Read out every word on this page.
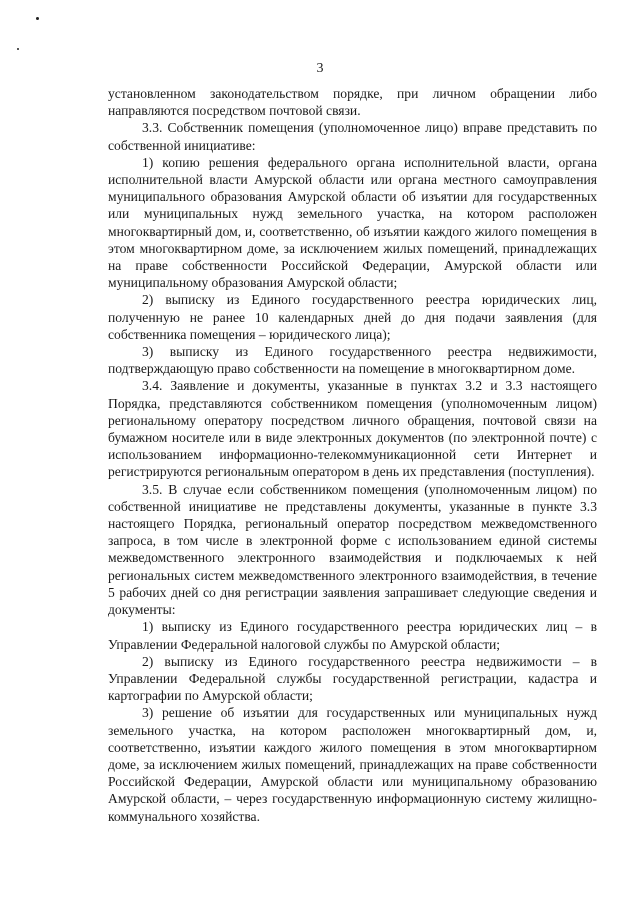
3

установленном законодательством порядке, при личном обращении либо направляются посредством почтовой связи.

3.3. Собственник помещения (уполномоченное лицо) вправе представить по собственной инициативе:

1) копию решения федерального органа исполнительной власти, органа исполнительной власти Амурской области или органа местного самоуправления муниципального образования Амурской области об изъятии для государственных или муниципальных нужд земельного участка, на котором расположен многоквартирный дом, и, соответственно, об изъятии каждого жилого помещения в этом многоквартирном доме, за исключением жилых помещений, принадлежащих на праве собственности Российской Федерации, Амурской области или муниципальному образования Амурской области;

2) выписку из Единого государственного реестра юридических лиц, полученную не ранее 10 календарных дней до дня подачи заявления (для собственника помещения – юридического лица);

3) выписку из Единого государственного реестра недвижимости, подтверждающую право собственности на помещение в многоквартирном доме.

3.4. Заявление и документы, указанные в пунктах 3.2 и 3.3 настоящего Порядка, представляются собственником помещения (уполномоченным лицом) региональному оператору посредством личного обращения, почтовой связи на бумажном носителе или в виде электронных документов (по электронной почте) с использованием информационно-телекоммуникационной сети Интернет и регистрируются региональным оператором в день их представления (поступления).

3.5. В случае если собственником помещения (уполномоченным лицом) по собственной инициативе не представлены документы, указанные в пункте 3.3 настоящего Порядка, региональный оператор посредством межведомственного запроса, в том числе в электронной форме с использованием единой системы межведомственного электронного взаимодействия и подключаемых к ней региональных систем межведомственного электронного взаимодействия, в течение 5 рабочих дней со дня регистрации заявления запрашивает следующие сведения и документы:

1) выписку из Единого государственного реестра юридических лиц – в Управлении Федеральной налоговой службы по Амурской области;

2) выписку из Единого государственного реестра недвижимости – в Управлении Федеральной службы государственной регистрации, кадастра и картографии по Амурской области;

3) решение об изъятии для государственных или муниципальных нужд земельного участка, на котором расположен многоквартирный дом, и, соответственно, изъятии каждого жилого помещения в этом многоквартирном доме, за исключением жилых помещений, принадлежащих на праве собственности Российской Федерации, Амурской области или муниципальному образованию Амурской области, – через государственную информационную систему жилищно-коммунального хозяйства.
